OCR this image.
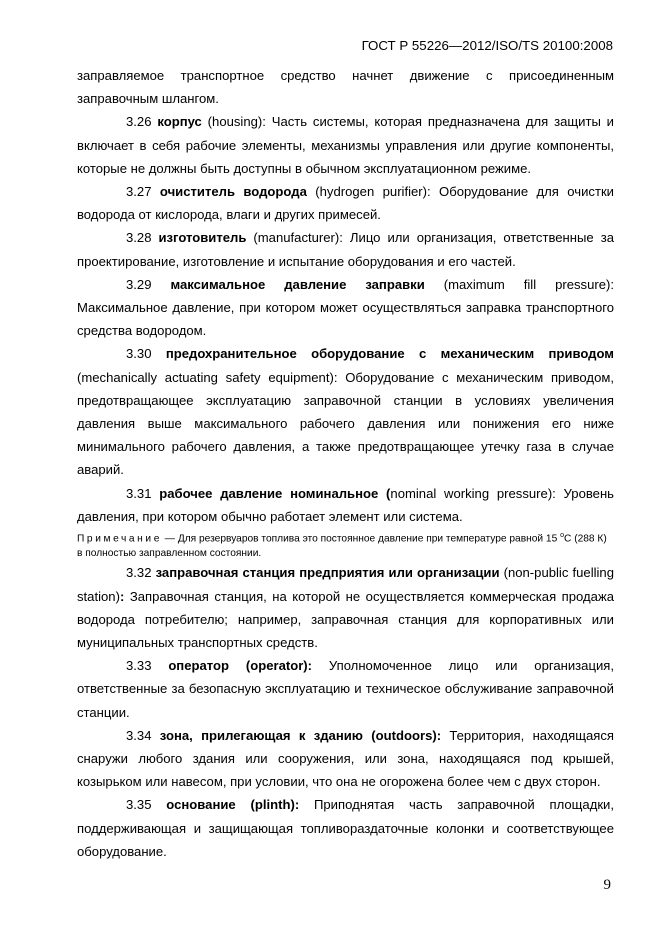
ГОСТ Р 55226—2012/ISO/TS 20100:2008

заправляемое транспортное средство начнет движение с присоединенным заправочным шлангом.

3.26 корпус (housing): Часть системы, которая предназначена для защиты и включает в себя рабочие элементы, механизмы управления или другие компоненты, которые не должны быть доступны в обычном эксплуатационном режиме.

3.27 очиститель водорода (hydrogen purifier): Оборудование для очистки водорода от кислорода, влаги и других примесей.

3.28 изготовитель (manufacturer): Лицо или организация, ответственные за проектирование, изготовление и испытание оборудования и его частей.

3.29 максимальное давление заправки (maximum fill pressure): Максимальное давление, при котором может осуществляться заправка транспортного средства водородом.

3.30 предохранительное оборудование с механическим приводом (mechanically actuating safety equipment): Оборудование с механическим приводом, предотвращающее эксплуатацию заправочной станции в условиях увеличения давления выше максимального рабочего давления или понижения его ниже минимального рабочего давления, а также предотвращающее утечку газа в случае аварий.

3.31 рабочее давление номинальное (nominal working pressure): Уровень давления, при котором обычно работает элемент или система.

Примечание — Для резервуаров топлива это постоянное давление при температуре равной 15 $^o$C (288 К) в полностью заправленном состоянии.

3.32 заправочная станция предприятия или организации (non-public fuelling station): Заправочная станция, на которой не осуществляется коммерческая продажа водорода потребителю; например, заправочная станция для корпоративных или муниципальных транспортных средств.

3.33 оператор (operator): Уполномоченное лицо или организация, ответственные за безопасную эксплуатацию и техническое обслуживание заправочной станции.

3.34 зона, прилегающая к зданию (outdoors): Территория, находящаяся снаружи любого здания или сооружения, или зона, находящаяся под крышей, козырьком или навесом, при условии, что она не огорожена более чем с двух сторон.

3.35 основание (plinth): Приподнятая часть заправочной площадки, поддерживающая и защищающая топливораздаточные колонки и соответствующее оборудование.

9
